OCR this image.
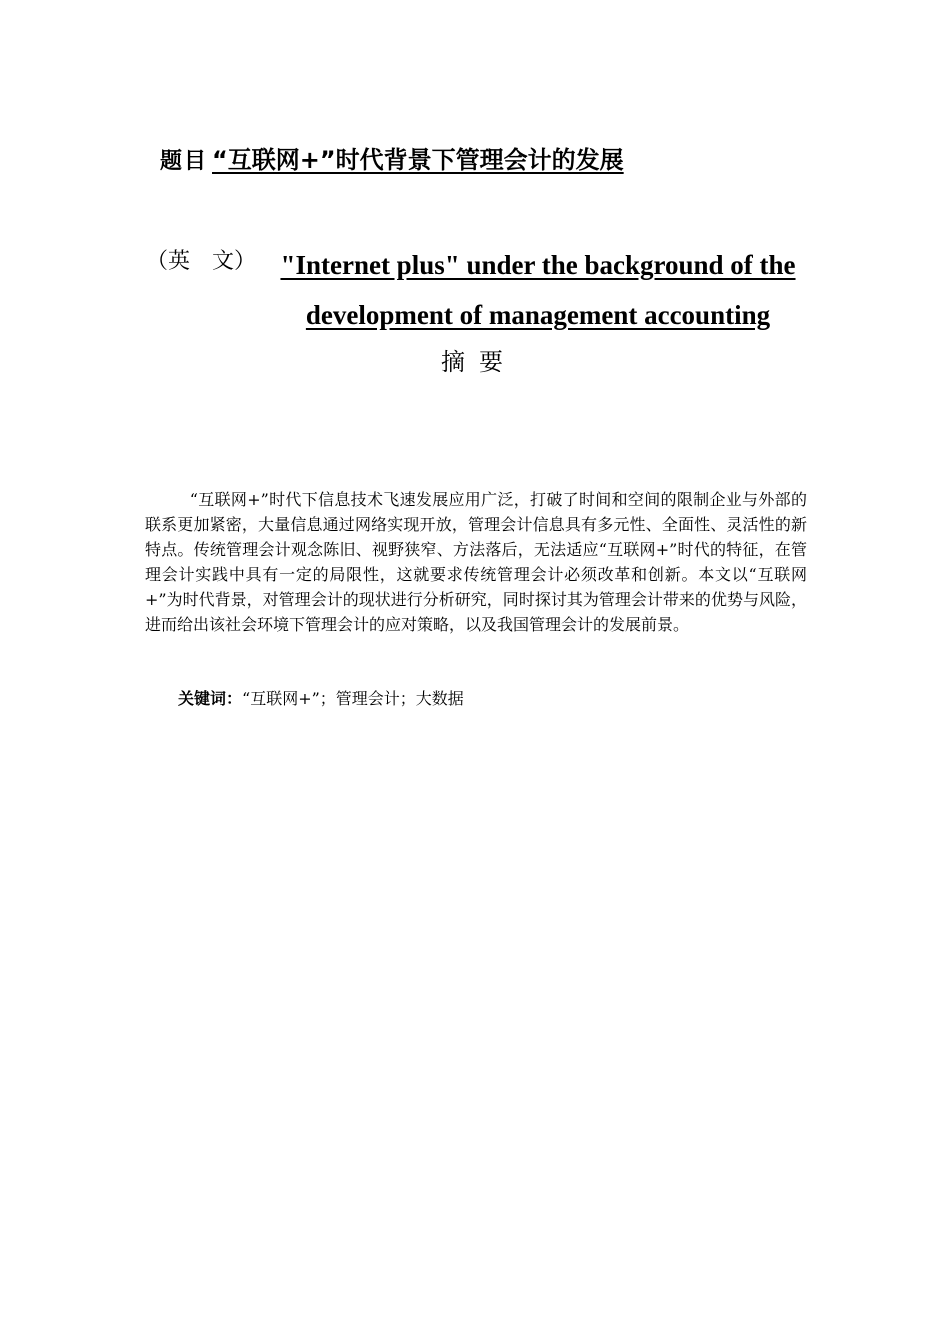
题目 “互联网+”时代背景下管理会计的发展
（英　文） "Internet plus" under the background of the development of management accounting
摘要

“互联网+”时代下信息技术飞速发展应用广泛，打破了时间和空间的限制企业与外部的联系更加紧密，大量信息通过网络实现开放，管理会计信息具有多元性、全面性、灵活性的新特点。传统管理会计观念陈旧、视野狭窄、方法落后，无法适应“互联网+”时代的特征，在管理会计实践中具有一定的局限性，这就要求传统管理会计必须改革和创新。本文以“互联网+”为时代背景，对管理会计的现状进行分析研究，同时探讨其为管理会计带来的优势与风险，进而给出该社会环境下管理会计的应对策略，以及我国管理会计的发展前景。

关键词：“互联网+”；管理会计；大数据
